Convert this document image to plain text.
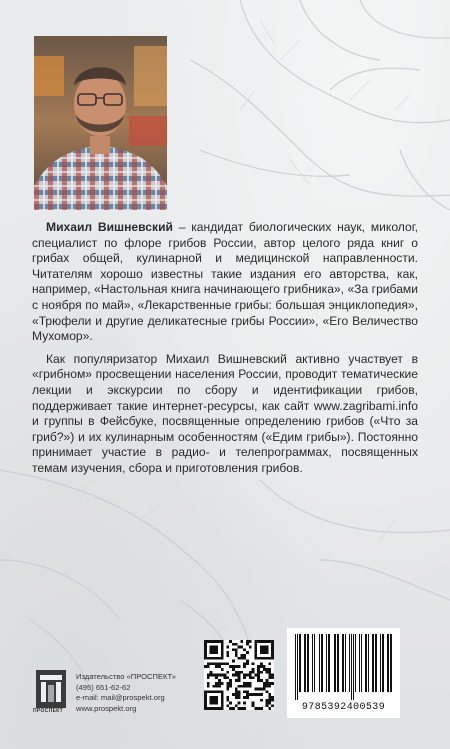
Михаил Вишневский – кандидат биологических наук, миколог, специалист по флоре грибов России, автор целого ряда книг о грибах общей, кулинарной и медицинской направленности. Читателям хорошо известны такие издания его авторства, как, например, «Настольная книга начинающего грибника», «За грибами с ноября по май», «Лекарственные грибы: большая энциклопедия», «Трюфели и другие деликатесные грибы России», «Его Величество Мухомор».

Как популяризатор Михаил Вишневский активно участвует в «грибном» просвещении населения России, проводит тематические лекции и экскурсии по сбору и идентификации грибов, поддерживает такие интернет-ресурсы, как сайт www.zagribami.info и группы в Фейсбуке, посвященные определению грибов («Что за гриб?») и их кулинарным особенностям («Едим грибы»). Постоянно принимает участие в радио- и телепрограммах, посвященных темам изучения, сбора и приготовления грибов.

ПРОСПЕКТ
Издательство «ПРОСПЕКТ»
(495) 651-62-62
e-mail: mail@prospekt.org
www.prospekt.org	9785392400539
